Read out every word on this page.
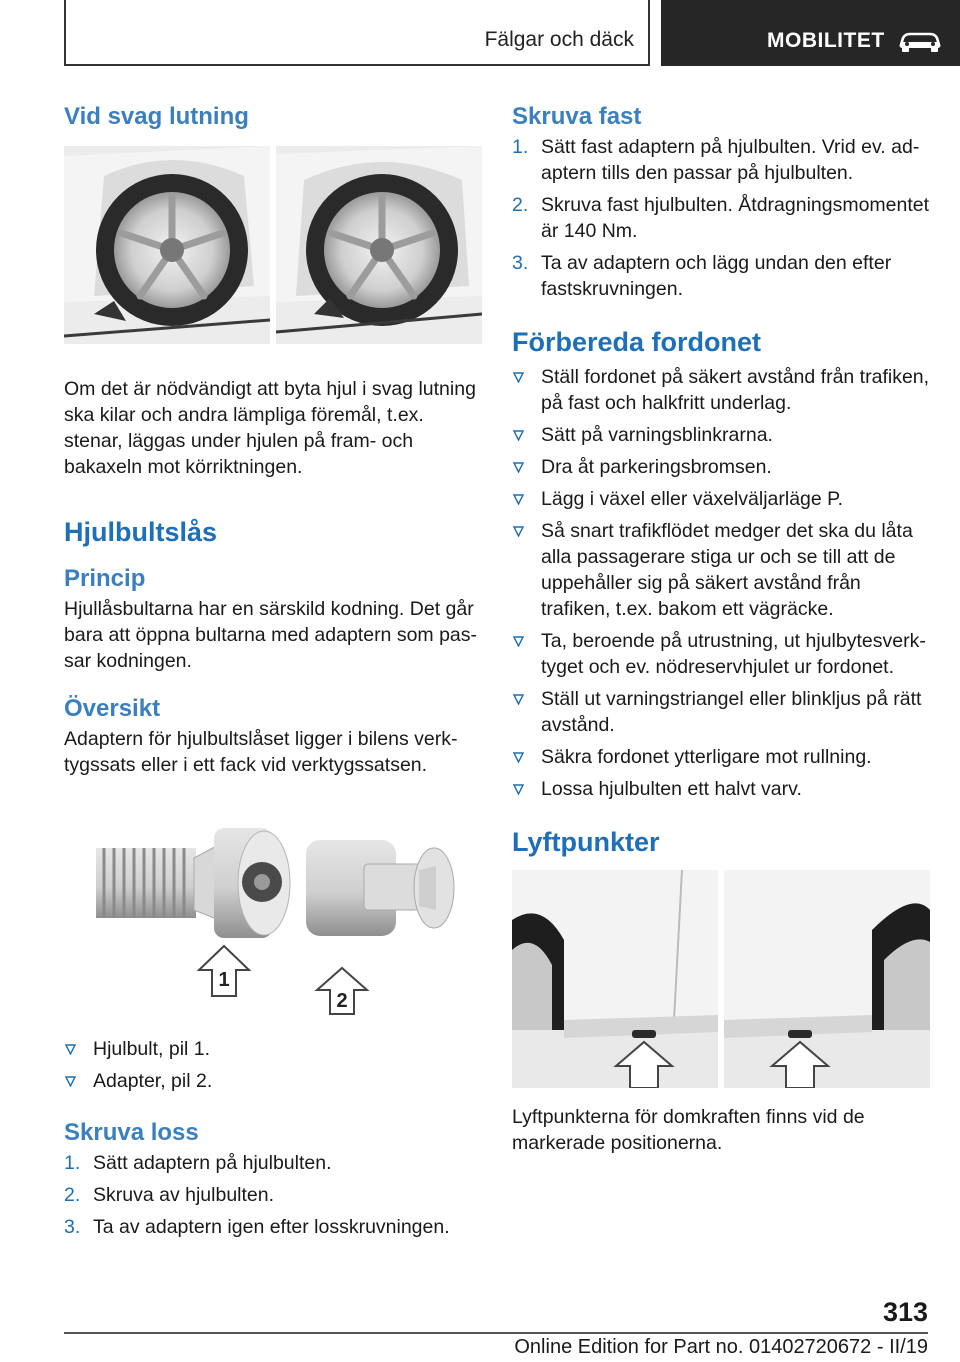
Fälgar och däck	MOBILITET
Vid svag lutning

Om det är nödvändigt att byta hjul i svag lutning ska kilar och andra lämpliga föremål, t.ex. stenar, läggas under hjulen på fram- och bakaxeln mot körriktningen.

Hjulbultslås
Princip

Hjullåsbultarna har en särskild kodning. Det går bara att öppna bultarna med adaptern som passar kodningen.

Översikt

Adaptern för hjulbultslåset ligger i bilens verktygssats eller i ett fack vid verktygssatsen.

1
2
Hjulbult, pil 1.
Adapter, pil 2.
Skruva loss
1. Sätt adaptern på hjulbulten.
2. Skruva av hjulbulten.
3. Ta av adaptern igen efter losskruvningen.
Skruva fast
1. Sätt fast adaptern på hjulbulten. Vrid ev. adaptern tills den passar på hjulbulten.
2. Skruva fast hjulbulten. Åtdragningsmomentet är 140 Nm.
3. Ta av adaptern och lägg undan den efter fastskruvningen.
Förbereda fordonet
Ställ fordonet på säkert avstånd från trafiken, på fast och halkfritt underlag.
Sätt på varningsblinkrarna.
Dra åt parkeringsbromsen.
Lägg i växel eller växelväljarläge P.
Så snart trafikflödet medger det ska du låta alla passagerare stiga ur och se till att de uppehåller sig på säkert avstånd från trafiken, t.ex. bakom ett vägräcke.
Ta, beroende på utrustning, ut hjulbytesverktyget och ev. nödreservhjulet ur fordonet.
Ställ ut varningstriangel eller blinkljus på rätt avstånd.
Säkra fordonet ytterligare mot rullning.
Lossa hjulbulten ett halvt varv.
Lyftpunkter

Lyftpunkterna för domkraften finns vid de markerade positionerna.

313
Online Edition for Part no. 01402720672 - II/19
